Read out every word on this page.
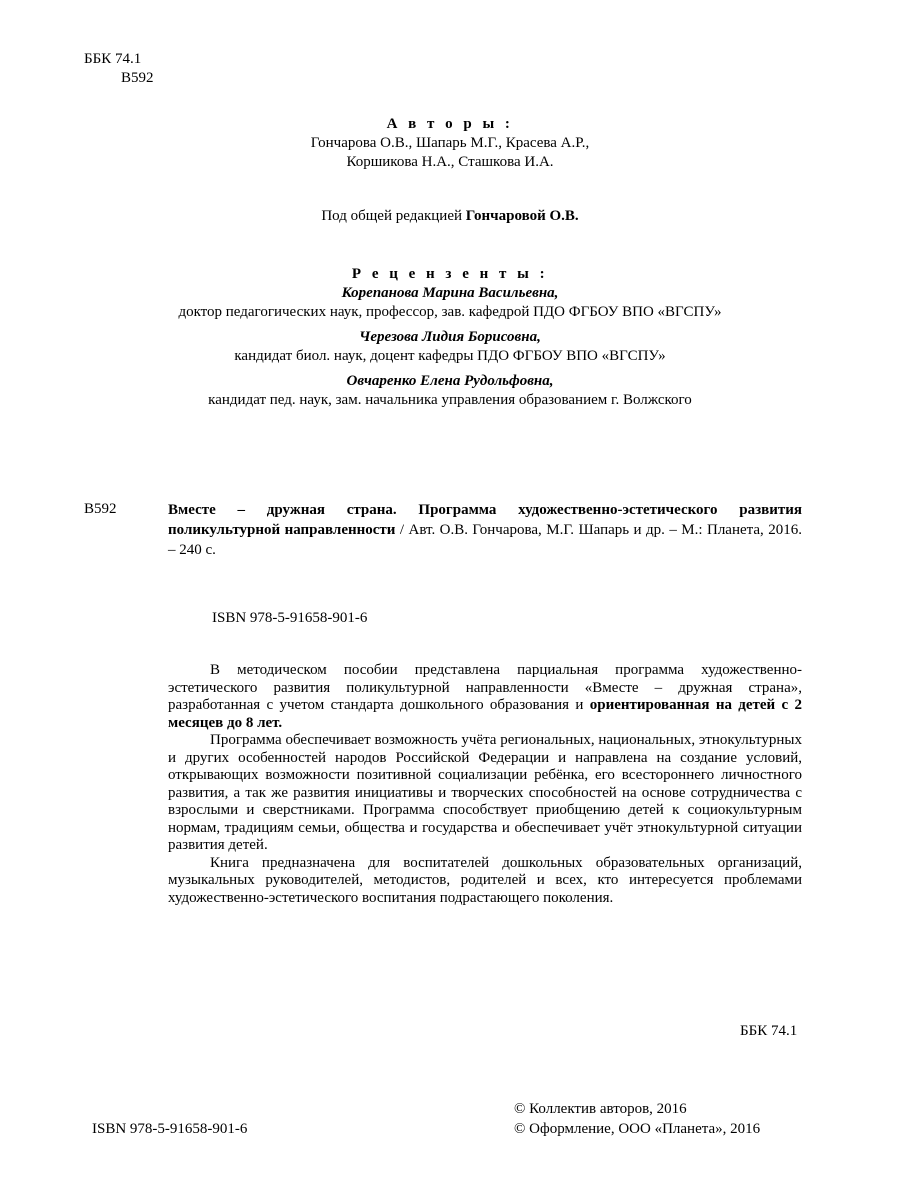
ББК 74.1
В592
А в т о р ы :
Гончарова О.В., Шапарь М.Г., Красева А.Р.,
Коршикова Н.А., Сташкова И.А.
Под общей редакцией Гончаровой О.В.
Р е ц е н з е н т ы :
Корепанова Марина Васильевна,
доктор педагогических наук, профессор, зав. кафедрой ПДО ФГБОУ ВПО «ВГСПУ»
Черезова Лидия Борисовна,
кандидат биол. наук, доцент кафедры ПДО ФГБОУ ВПО «ВГСПУ»
Овчаренко Елена Рудольфовна,
кандидат пед. наук, зам. начальника управления образованием г. Волжского
В592	Вместе – дружная страна. Программа художественно-эстетического развития поликультурной направленности / Авт. О.В. Гончарова, М.Г. Шапарь и др. – М.: Планета, 2016. – 240 с.
ISBN 978-5-91658-901-6

В методическом пособии представлена парциальная программа художественно-эстетического развития поликультурной направленности «Вместе – дружная страна», разработанная с учетом стандарта дошкольного образования и ориентированная на детей с 2 месяцев до 8 лет.

Программа обеспечивает возможность учёта региональных, национальных, этнокультурных и других особенностей народов Российской Федерации и направлена на создание условий, открывающих возможности позитивной социализации ребёнка, его всестороннего личностного развития, а так же развития инициативы и творческих способностей на основе сотрудничества с взрослыми и сверстниками. Программа способствует приобщению детей к социокультурным нормам, традициям семьи, общества и государства и обеспечивает учёт этнокультурной ситуации развития детей.

Книга предназначена для воспитателей дошкольных образовательных организаций, музыкальных руководителей, методистов, родителей и всех, кто интересуется проблемами художественно-эстетического воспитания подрастающего поколения.

ББК 74.1
© Коллектив авторов, 2016
© Оформление, ООО «Планета», 2016
ISBN 978-5-91658-901-6
